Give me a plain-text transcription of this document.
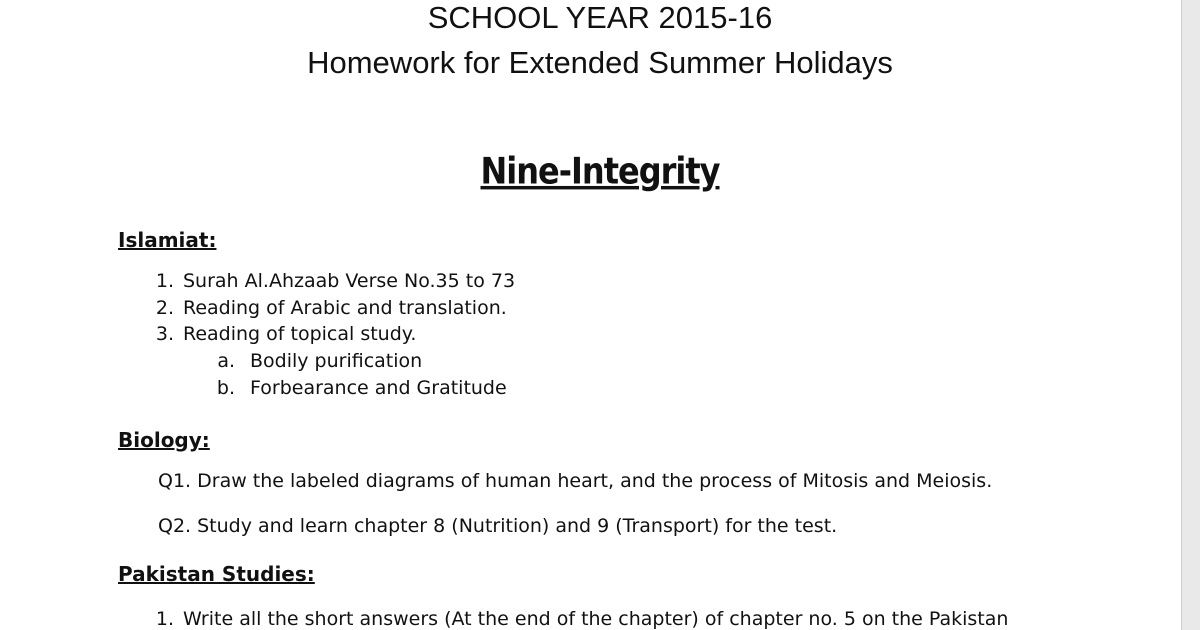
SCHOOL YEAR 2015-16
Homework for Extended Summer Holidays
Nine-Integrity
Islamiat:
1. Surah Al.Ahzaab Verse No.35 to 73
2. Reading of Arabic and translation.
3. Reading of topical study.
a. Bodily purification
b. Forbearance and Gratitude
Biology:
Q1. Draw the labeled diagrams of human heart, and the process of Mitosis and Meiosis.
Q2. Study and learn chapter 8 (Nutrition) and 9 (Transport) for the test.
Pakistan Studies:
1. Write all the short answers (At the end of the chapter) of chapter no. 5 on the Pakistan
